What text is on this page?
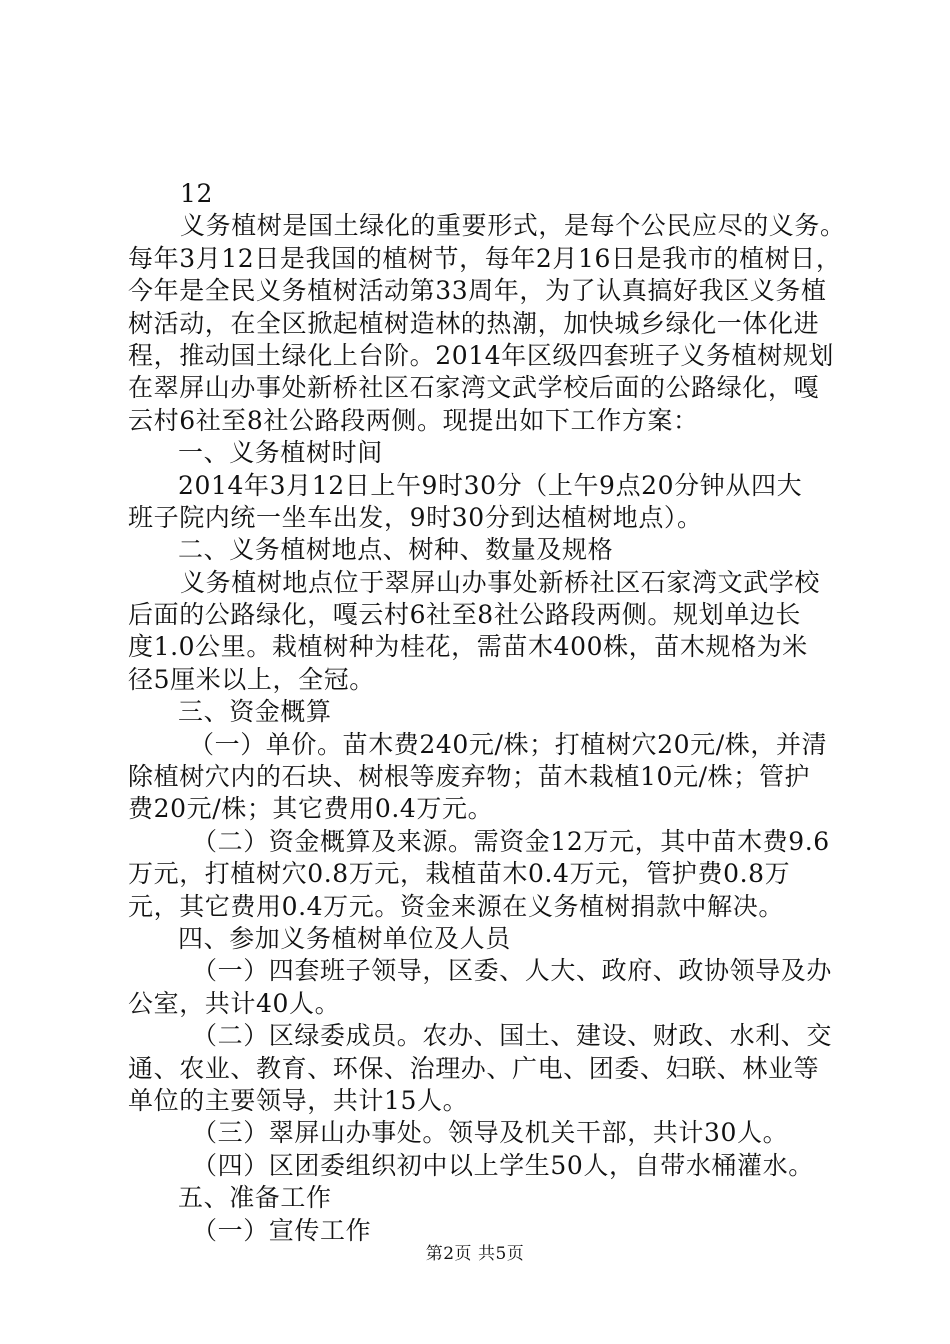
12
义务植树是国土绿化的重要形式，是每个公民应尽的义务。
每年3月12日是我国的植树节，每年2月16日是我市的植树日，
今年是全民义务植树活动第33周年，为了认真搞好我区义务植
树活动，在全区掀起植树造林的热潮，加快城乡绿化一体化进
程，推动国土绿化上台阶。2014年区级四套班子义务植树规划
在翠屏山办事处新桥社区石家湾文武学校后面的公路绿化，嘎
云村6社至8社公路段两侧。现提出如下工作方案：
一、义务植树时间
2014年3月12日上午9时30分（上午9点20分钟从四大
班子院内统一坐车出发，9时30分到达植树地点）。
二、义务植树地点、树种、数量及规格
义务植树地点位于翠屏山办事处新桥社区石家湾文武学校
后面的公路绿化，嘎云村6社至8社公路段两侧。规划单边长
度1.0公里。栽植树种为桂花，需苗木400株，苗木规格为米
径5厘米以上，全冠。
三、资金概算
（一）单价。苗木费240元/株；打植树穴20元/株，并清
除植树穴内的石块、树根等废弃物；苗木栽植10元/株；管护
费20元/株；其它费用0.4万元。
（二）资金概算及来源。需资金12万元，其中苗木费9.6
万元，打植树穴0.8万元，栽植苗木0.4万元，管护费0.8万
元，其它费用0.4万元。资金来源在义务植树捐款中解决。
四、参加义务植树单位及人员
（一）四套班子领导，区委、人大、政府、政协领导及办
公室，共计40人。
（二）区绿委成员。农办、国土、建设、财政、水利、交
通、农业、教育、环保、治理办、广电、团委、妇联、林业等
单位的主要领导，共计15人。
（三）翠屏山办事处。领导及机关干部，共计30人。
（四）区团委组织初中以上学生50人，自带水桶灌水。
五、准备工作
（一）宣传工作
第2页 共5页
